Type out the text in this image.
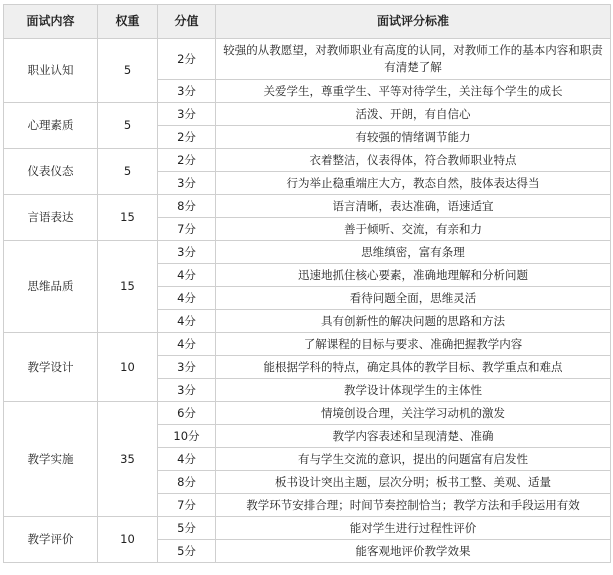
面试内容	权重	分值	面试评分标准
职业认知	5	2分	较强的从教愿望，对教师职业有高度的认同，对教师工作的基本内容和职责有清楚了解
		3分	关爱学生，尊重学生、平等对待学生，关注每个学生的成长
心理素质	5	3分	活泼、开朗，有自信心
		2分	有较强的情绪调节能力
仪表仪态	5	2分	衣着整洁，仪表得体，符合教师职业特点
		3分	行为举止稳重端庄大方，教态自然，肢体表达得当
言语表达	15	8分	语言清晰，表达准确，语速适宜
		7分	善于倾听、交流，有亲和力
思维品质	15	3分	思维缜密，富有条理
		4分	迅速地抓住核心要素，准确地理解和分析问题
		4分	看待问题全面，思维灵活
		4分	具有创新性的解决问题的思路和方法
教学设计	10	4分	了解课程的目标与要求、准确把握教学内容
		3分	能根据学科的特点，确定具体的教学目标、教学重点和难点
		3分	教学设计体现学生的主体性
教学实施	35	6分	情境创设合理，关注学习动机的激发
		10分	教学内容表述和呈现清楚、准确
		4分	有与学生交流的意识，提出的问题富有启发性
		8分	板书设计突出主题，层次分明；板书工整、美观、适量
		7分	教学环节安排合理；时间节奏控制恰当；教学方法和手段运用有效
教学评价	10	5分	能对学生进行过程性评价
		5分	能客观地评价教学效果
